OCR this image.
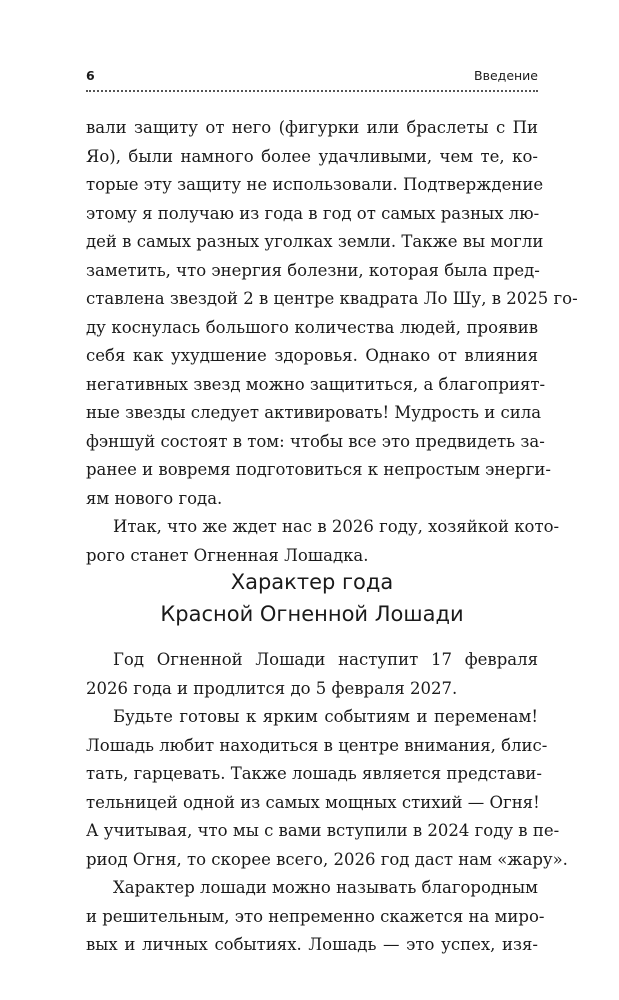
6	Введение
вали защиту от него (фигурки или браслеты с Пи
Яо), были намного более удачливыми, чем те, ко-
торые эту защиту не использовали. Подтверждение
этому я получаю из года в год от самых разных лю-
дей в самых разных уголках земли. Также вы могли
заметить, что энергия болезни, которая была пред-
ставлена звездой 2 в центре квадрата Ло Шу, в 2025 го-
ду коснулась большого количества людей, проявив
себя как ухудшение здоровья. Однако от влияния
негативных звезд можно защититься, а благоприят-
ные звезды следует активировать! Мудрость и сила
фэншуй состоят в том: чтобы все это предвидеть за-
ранее и вовремя подготовиться к непростым энерги-
ям нового года.
Итак, что же ждет нас в 2026 году, хозяйкой кото-
рого станет Огненная Лошадка.
Характер года
Красной Огненной Лошади
Год Огненной Лошади наступит 17 февраля
2026 года и продлится до 5 февраля 2027.
Будьте готовы к ярким событиям и переменам!
Лошадь любит находиться в центре внимания, блис-
тать, гарцевать. Также лошадь является представи-
тельницей одной из самых мощных стихий — Огня!
А учитывая, что мы с вами вступили в 2024 году в пе-
риод Огня, то скорее всего, 2026 год даст нам «жару».
Характер лошади можно называть благородным
и решительным, это непременно скажется на миро-
вых и личных событиях. Лошадь — это успех, изя-
